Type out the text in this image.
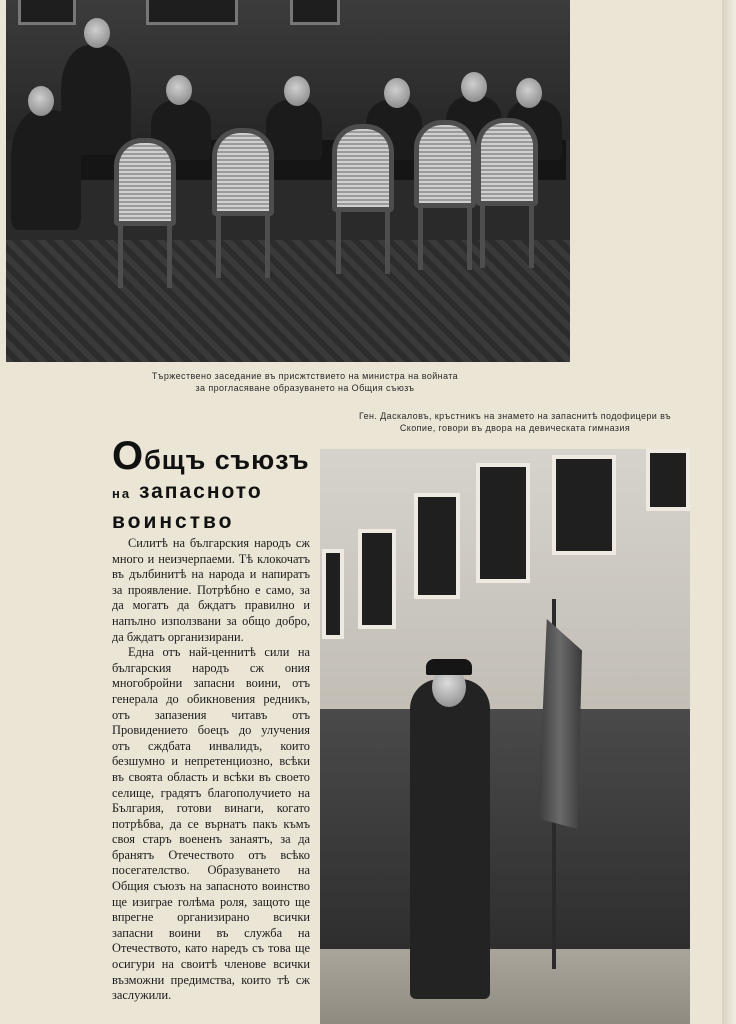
Тържествено заседание въ присжтствието на министра на войната
за прогласяване образуването на Общия съюзъ
Ген. Даскаловъ, кръстникъ на знамето на запаснитѣ подофицери въ
Скопие, говори въ двора на девическата гимназия
Общъ съюзъ
на запасното
воинство

Силитѣ на българския народъ сж много и неизчерпаеми. Тѣ клокочатъ въ дълбинитѣ на народа и напиратъ за проявление. Потрѣбно е само, за да могатъ да бждатъ правилно и напълно използвани за общо добро, да бждатъ организирани.

Една отъ най-ценнитѣ сили на българския народъ сж ония многобройни запасни воини, отъ генерала до обикновения редникъ, отъ запазения читавъ отъ Провидението боецъ до улучения отъ сждбата инвалидъ, които безшумно и непретенциозно, всѣки въ своята область и всѣки въ своето селище, градятъ благополучието на България, готови винаги, когато потрѣбва, да се върнатъ пакъ къмъ своя старъ воененъ занаятъ, за да бранятъ Отечеството отъ всѣко посегателство. Образуването на Общия съюзъ на запасното воинство ще изиграе голѣма роля, защото ще впрегне организирано всички запасни воини въ служба на Отечеството, като наредъ съ това ще осигури на своитѣ членове всички възможни предимства, които тѣ сж заслужили.
